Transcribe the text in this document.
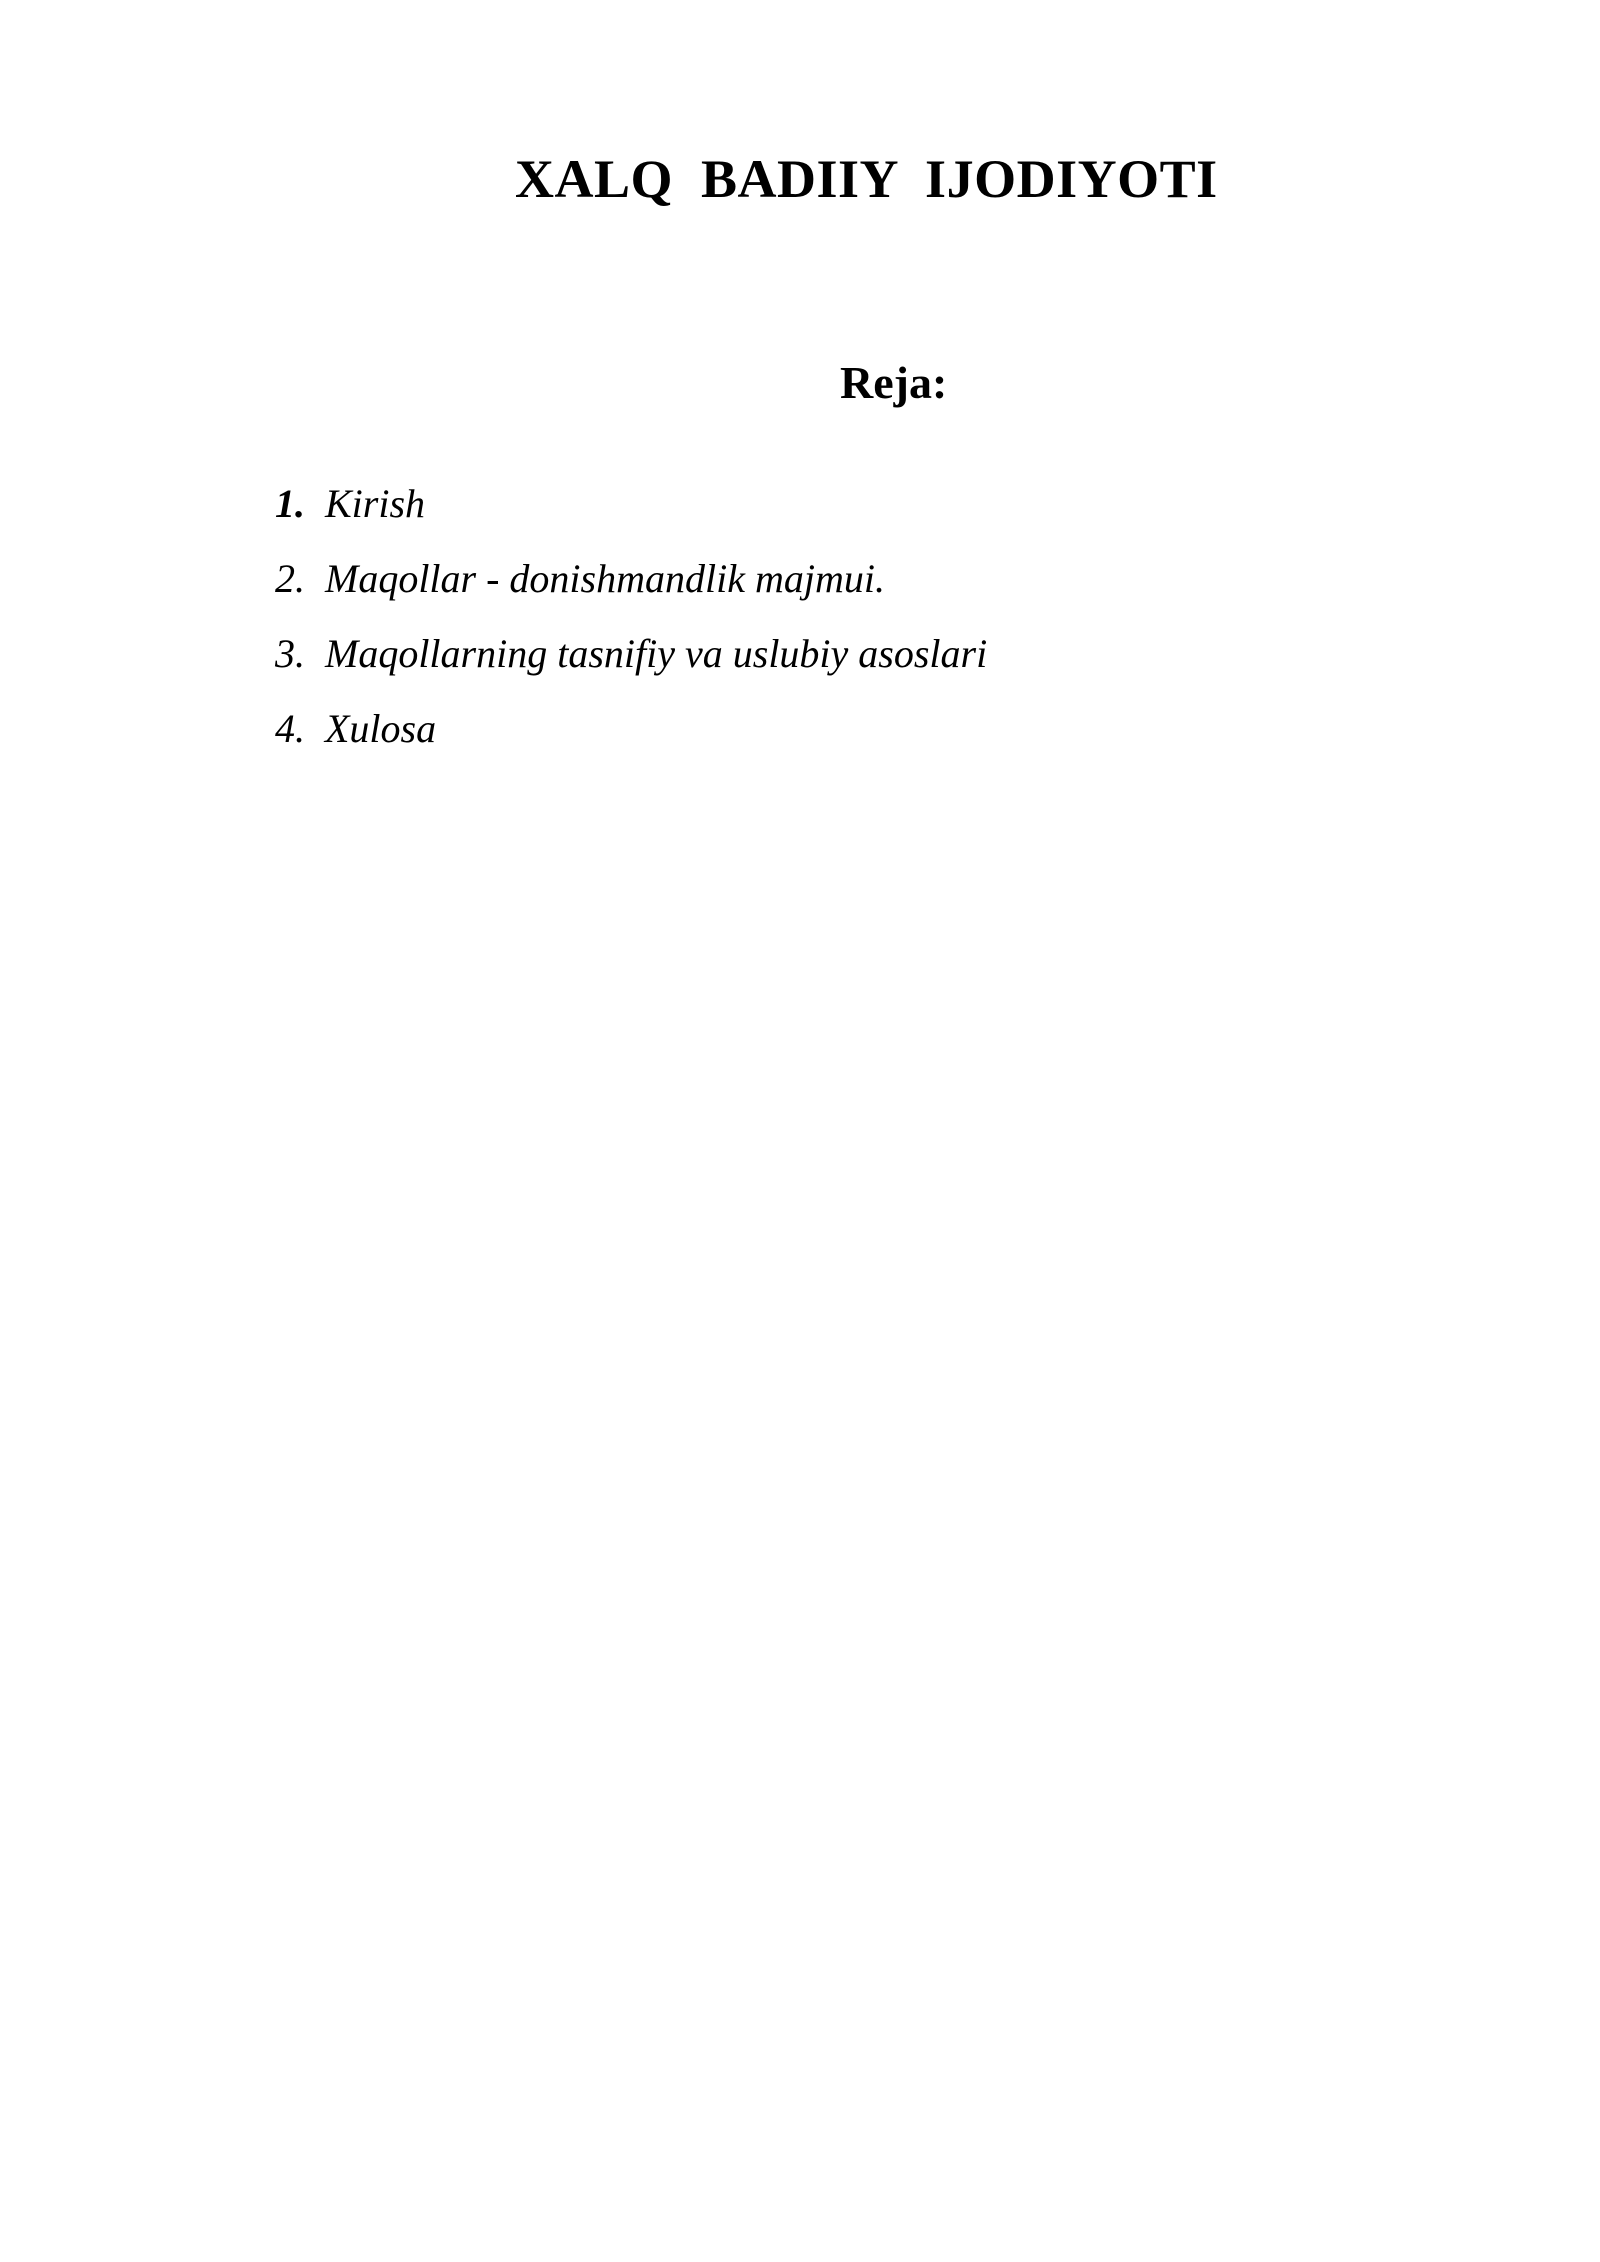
XALQ  BADIIY  IJODIYOTI
Reja:
1. Kirish
2. Maqollar - donishmandlik majmui.
3. Maqollarning tasnifiy va uslubiy asoslari
4. Xulosa
